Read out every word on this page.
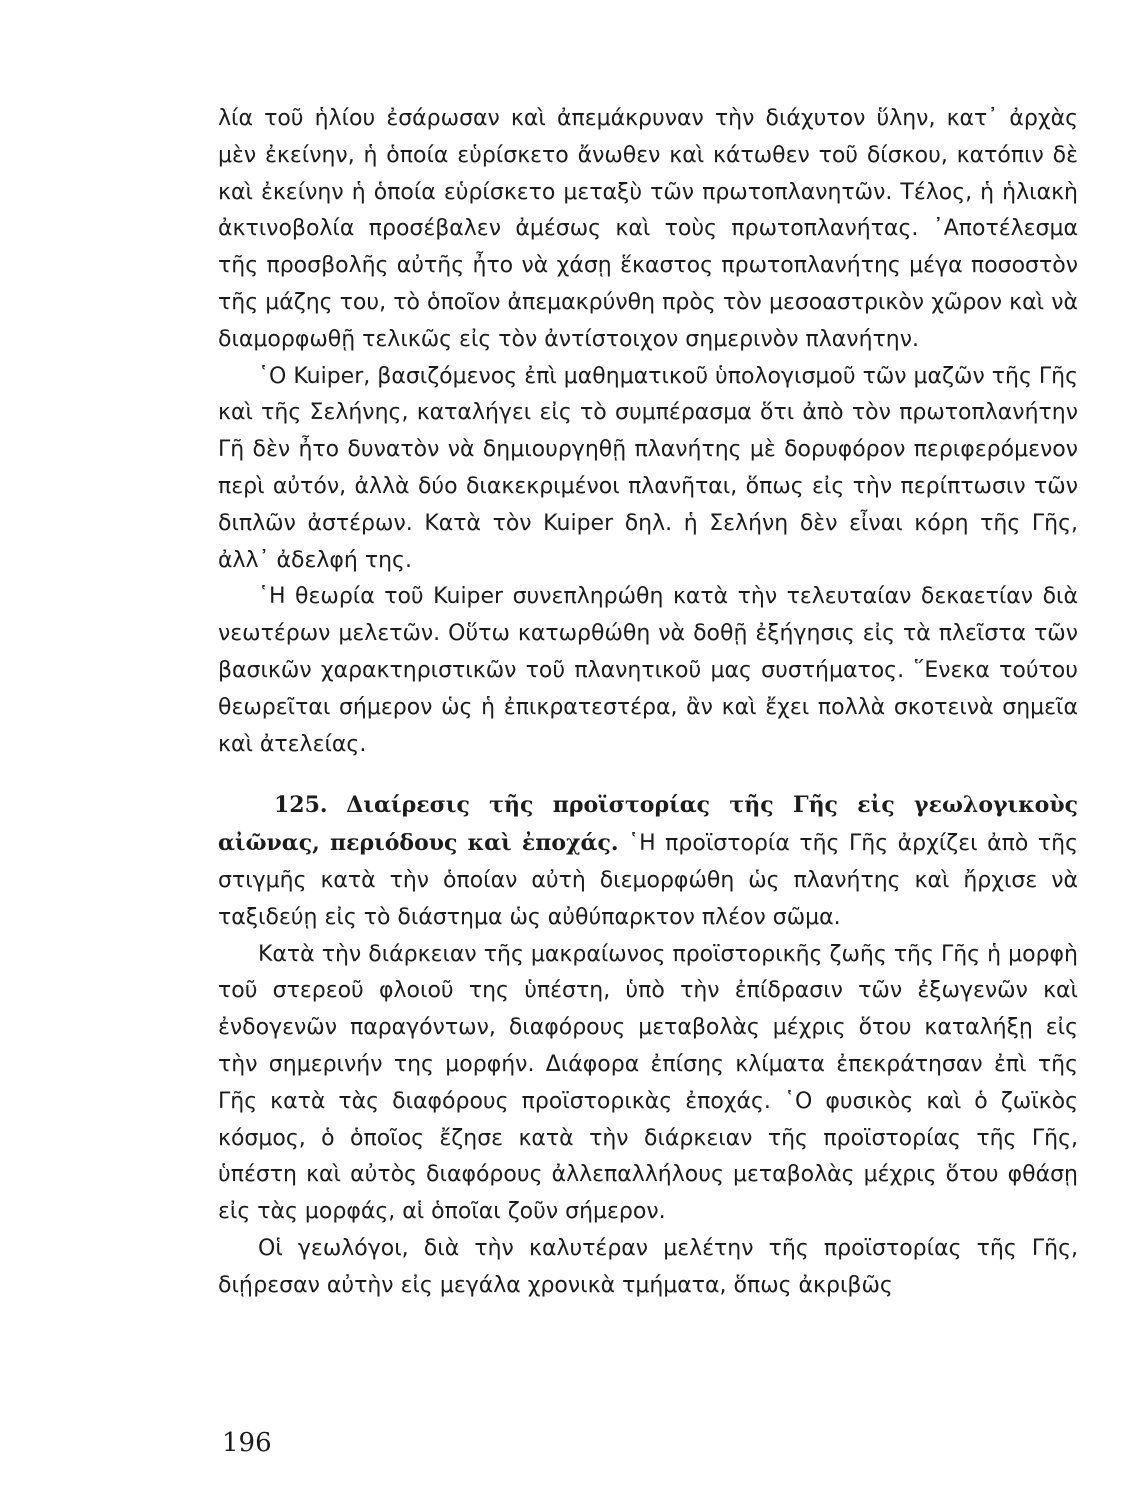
λία τοῦ ἡλίου ἐσάρωσαν καὶ ἀπεμάκρυναν τὴν διάχυτον ὕλην, κατ᾽ ἀρχὰς μὲν ἐκείνην, ἡ ὁποία εὑρίσκετο ἄνωθεν καὶ κάτωθεν τοῦ δίσκου, κατόπιν δὲ καὶ ἐκείνην ἡ ὁποία εὑρίσκετο μεταξὺ τῶν πρωτοπλανητῶν. Τέλος, ἡ ἡλιακὴ ἀκτινοβολία προσέβαλεν ἀμέσως καὶ τοὺς πρωτοπλανήτας. ᾽Αποτέλεσμα τῆς προσβολῆς αὐτῆς ἦτο νὰ χάσῃ ἕκαστος πρωτοπλανήτης μέγα ποσοστὸν τῆς μάζης του, τὸ ὁποῖον ἀπεμακρύνθη πρὸς τὸν μεσοαστρικὸν χῶρον καὶ νὰ διαμορφωθῇ τελικῶς εἰς τὸν ἀντίστοιχον σημερινὸν πλανήτην.

῾Ο Kuiper, βασιζόμενος ἐπὶ μαθηματικοῦ ὑπολογισμοῦ τῶν μαζῶν τῆς Γῆς καὶ τῆς Σελήνης, καταλήγει εἰς τὸ συμπέρασμα ὅτι ἀπὸ τὸν πρωτοπλανήτην Γῆ δὲν ἦτο δυνατὸν νὰ δημιουργηθῇ πλανήτης μὲ δορυφόρον περιφερόμενον περὶ αὐτόν, ἀλλὰ δύο διακεκριμένοι πλανῆται, ὅπως εἰς τὴν περίπτωσιν τῶν διπλῶν ἀστέρων. Κατὰ τὸν Kuiper δηλ. ἡ Σελήνη δὲν εἶναι κόρη τῆς Γῆς, ἀλλ᾽ ἀδελφή της.

῾Η θεωρία τοῦ Kuiper συνεπληρώθη κατὰ τὴν τελευταίαν δεκαετίαν διὰ νεωτέρων μελετῶν. Οὕτω κατωρθώθη νὰ δοθῇ ἐξήγησις εἰς τὰ πλεῖστα τῶν βασικῶν χαρακτηριστικῶν τοῦ πλανητικοῦ μας συστήματος. ῞Ενεκα τούτου θεωρεῖται σήμερον ὡς ἡ ἐπικρατεστέρα, ἂν καὶ ἔχει πολλὰ σκοτεινὰ σημεῖα καὶ ἀτελείας.

125. Διαίρεσις τῆς προϊστορίας τῆς Γῆς εἰς γεωλογικοὺς αἰῶνας, περιόδους καὶ ἐποχάς. ῾Η προϊστορία τῆς Γῆς ἀρχίζει ἀπὸ τῆς στιγμῆς κατὰ τὴν ὁποίαν αὐτὴ διεμορφώθη ὡς πλανήτης καὶ ἤρχισε νὰ ταξιδεύῃ εἰς τὸ διάστημα ὡς αὐθύπαρκτον πλέον σῶμα.

Κατὰ τὴν διάρκειαν τῆς μακραίωνος προϊστορικῆς ζωῆς τῆς Γῆς ἡ μορφὴ τοῦ στερεοῦ φλοιοῦ της ὑπέστη, ὑπὸ τὴν ἐπίδρασιν τῶν ἐξωγενῶν καὶ ἐνδογενῶν παραγόντων, διαφόρους μεταβολὰς μέχρις ὅτου καταλήξῃ εἰς τὴν σημερινήν της μορφήν. Διάφορα ἐπίσης κλίματα ἐπεκράτησαν ἐπὶ τῆς Γῆς κατὰ τὰς διαφόρους προϊστορικὰς ἐποχάς. ῾Ο φυσικὸς καὶ ὁ ζωϊκὸς κόσμος, ὁ ὁποῖος ἔζησε κατὰ τὴν διάρκειαν τῆς προϊστορίας τῆς Γῆς, ὑπέστη καὶ αὐτὸς διαφόρους ἀλλεπαλλήλους μεταβολὰς μέχρις ὅτου φθάσῃ εἰς τὰς μορφάς, αἱ ὁποῖαι ζοῦν σήμερον.

Οἱ γεωλόγοι, διὰ τὴν καλυτέραν μελέτην τῆς προϊστορίας τῆς Γῆς, διῄρεσαν αὐτὴν εἰς μεγάλα χρονικὰ τμήματα, ὅπως ἀκριβῶς

196
